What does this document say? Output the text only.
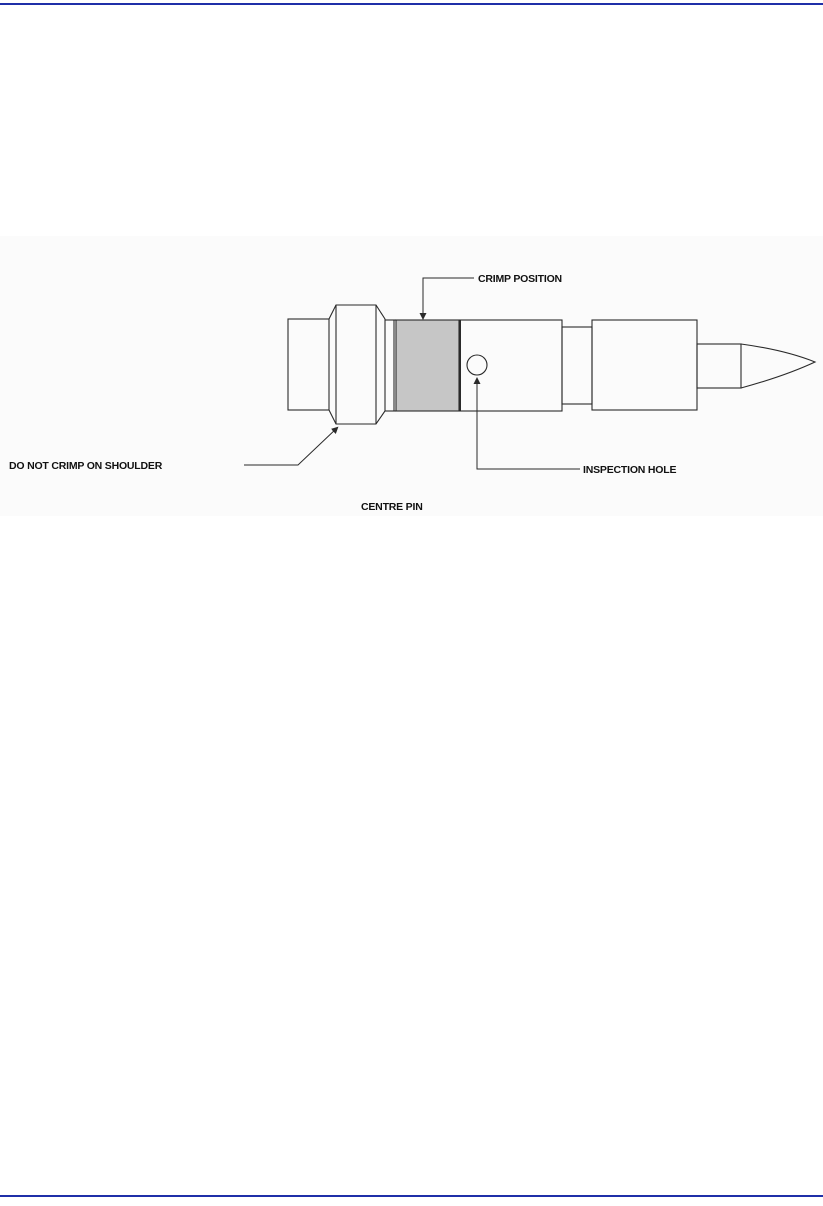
CRIMP POSITION
DO NOT CRIMP ON SHOULDER	INSPECTION HOLE
CENTRE PIN
